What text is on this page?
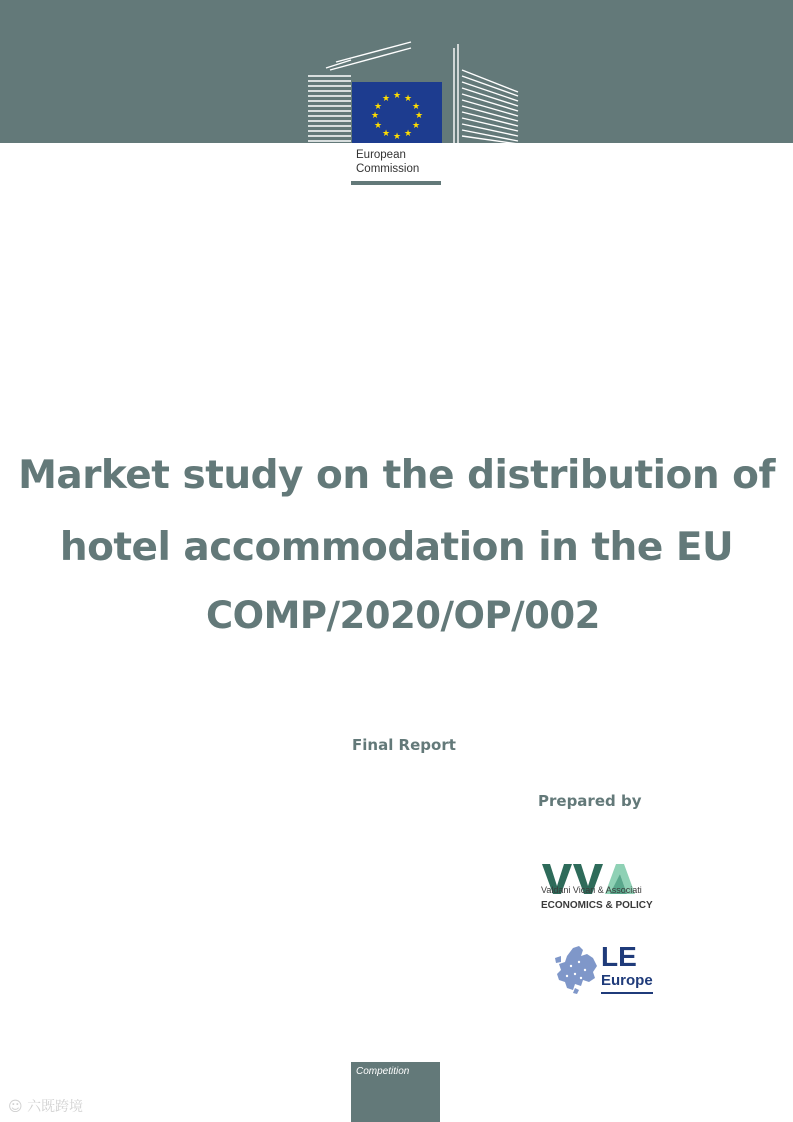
★ ★
★
★
★
★
★
★
★
★
★
★
European
Commission
Market study on the distribution of
hotel accommodation in the EU
COMP/2020/OP/002
Final Report
Prepared by
Valdani Vicari & Associati
ECONOMICS & POLICY
LE
Europe
Competition
☺ 六既跨境
